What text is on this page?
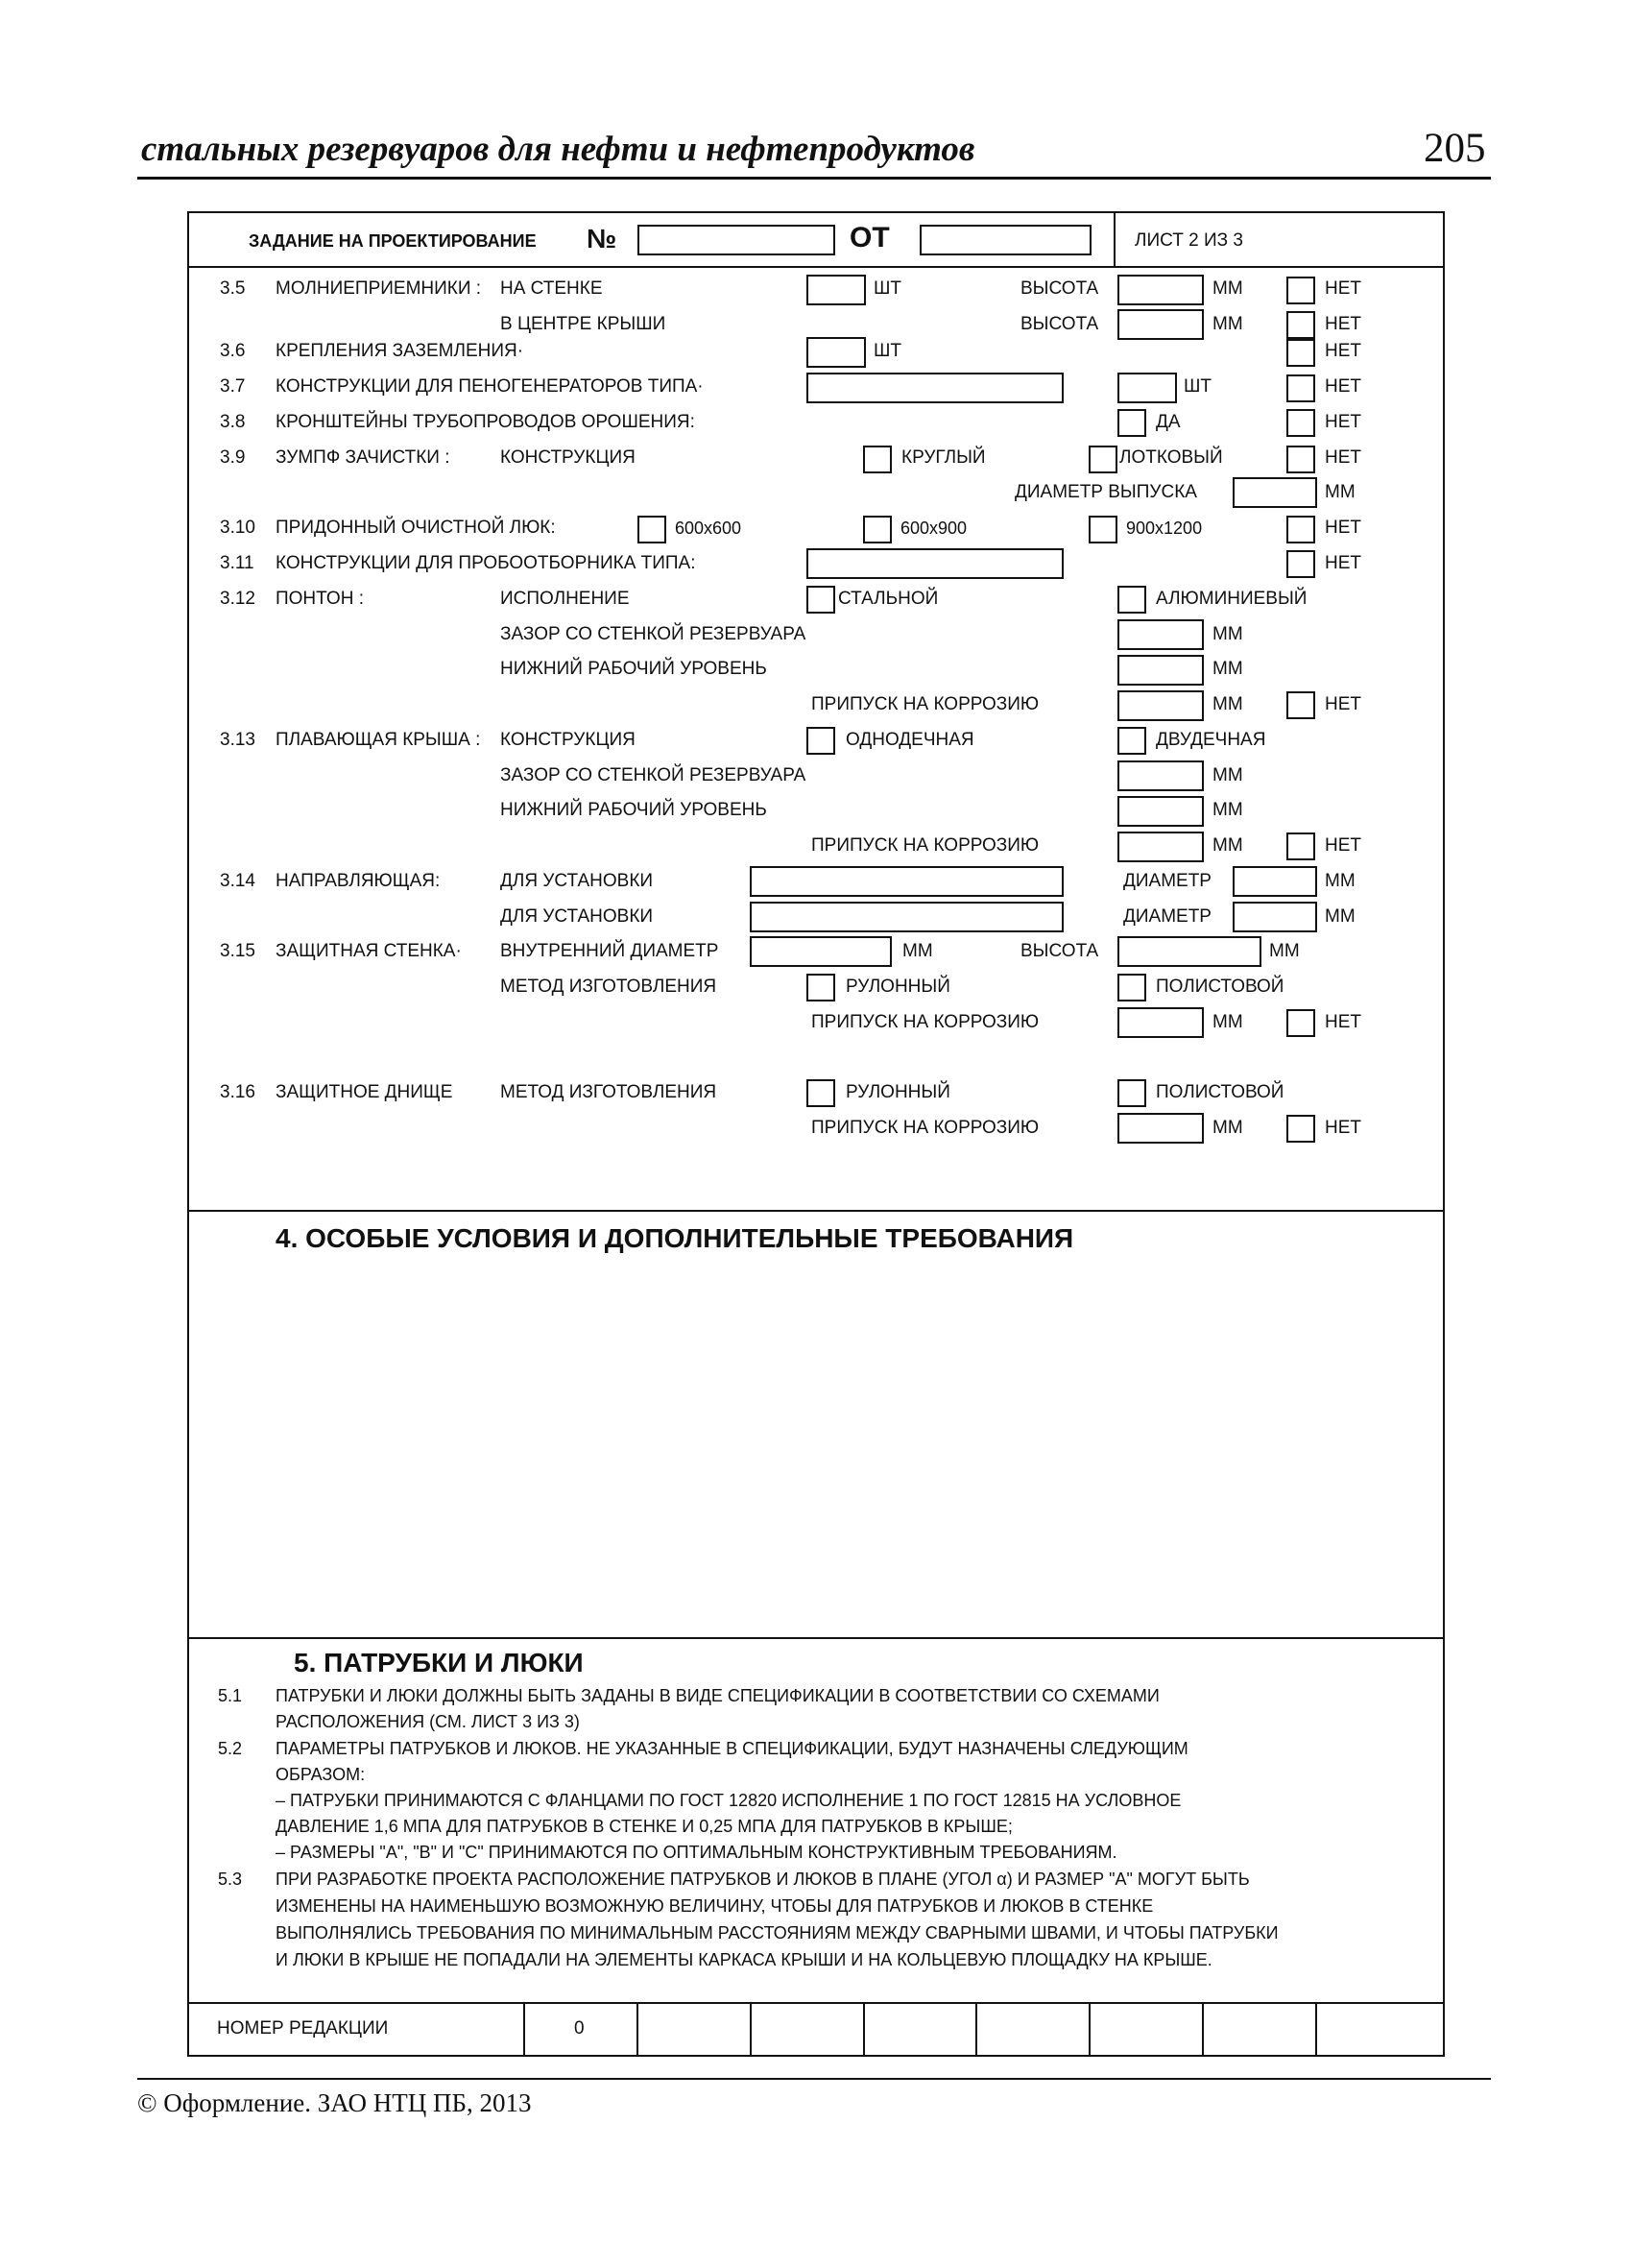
стальных резервуаров для нефти и нефтепродуктов	205
ЗАДАНИЕ НА ПРОЕКТИРОВАНИЕ №	ОТ	ЛИСТ 2 ИЗ 3
3.5 МОЛНИЕПРИЕМНИКИ : НА СТЕНКЕ	ШТ	ВЫСОТА	ММ	НЕТ
В ЦЕНТРЕ КРЫШИ	ВЫСОТА	ММ	НЕТ
3.6 КРЕПЛЕНИЯ ЗАЗЕМЛЕНИЯ·	ШТ	НЕТ
3.7 КОНСТРУКЦИИ ДЛЯ ПЕНОГЕНЕРАТОРОВ ТИПА·	ШТ	НЕТ
3.8 КРОНШТЕЙНЫ ТРУБОПРОВОДОВ ОРОШЕНИЯ:	ДА	НЕТ
3.9 ЗУМПФ ЗАЧИСТКИ :	КОНСТРУКЦИЯ	КРУГЛЫЙ	ЛОТКОВЫЙ	НЕТ
ДИАМЕТР ВЫПУСКА	ММ
3.10 ПРИДОННЫЙ ОЧИСТНОЙ ЛЮК:	600x600	600x900	900x1200	НЕТ
3.11 КОНСТРУКЦИИ ДЛЯ ПРОБООТБОРНИКА ТИПА:	НЕТ
3.12 ПОНТОН :	ИСПОЛНЕНИЕ	СТАЛЬНОЙ	АЛЮМИНИЕВЫЙ
ЗАЗОР СО СТЕНКОЙ РЕЗЕРВУАРА	ММ
НИЖНИЙ РАБОЧИЙ УРОВЕНЬ	ММ
ПРИПУСК НА КОРРОЗИЮ	ММ	НЕТ
3.13 ПЛАВАЮЩАЯ КРЫША : КОНСТРУКЦИЯ	ОДНОДЕЧНАЯ	ДВУДЕЧНАЯ
ЗАЗОР СО СТЕНКОЙ РЕЗЕРВУАРА	ММ
НИЖНИЙ РАБОЧИЙ УРОВЕНЬ	ММ
ПРИПУСК НА КОРРОЗИЮ	ММ	НЕТ
3.14 НАПРАВЛЯЮЩАЯ:	ДЛЯ УСТАНОВКИ	ДИАМЕТР	ММ
ДЛЯ УСТАНОВКИ	ДИАМЕТР	ММ
3.15 ЗАЩИТНАЯ СТЕНКА· ВНУТРЕННИЙ ДИАМЕТР	ММ	ВЫСОТА	ММ
МЕТОД ИЗГОТОВЛЕНИЯ	РУЛОННЫЙ	ПОЛИСТОВОЙ
ПРИПУСК НА КОРРОЗИЮ	ММ	НЕТ
3.16 ЗАЩИТНОЕ ДНИЩЕ	МЕТОД ИЗГОТОВЛЕНИЯ	РУЛОННЫЙ	ПОЛИСТОВОЙ
ПРИПУСК НА КОРРОЗИЮ	ММ	НЕТ
4. ОСОБЫЕ УСЛОВИЯ И ДОПОЛНИТЕЛЬНЫЕ ТРЕБОВАНИЯ
5. ПАТРУБКИ И ЛЮКИ
5.1 ПАТРУБКИ И ЛЮКИ ДОЛЖНЫ БЫТЬ ЗАДАНЫ В ВИДЕ СПЕЦИФИКАЦИИ В СООТВЕТСТВИИ СО СХЕМАМИ
РАСПОЛОЖЕНИЯ (СМ. ЛИСТ 3 ИЗ 3)
5.2 ПАРАМЕТРЫ ПАТРУБКОВ И ЛЮКОВ. НЕ УКАЗАННЫЕ В СПЕЦИФИКАЦИИ, БУДУТ НАЗНАЧЕНЫ СЛЕДУЮЩИМ
ОБРАЗОМ:
– ПАТРУБКИ ПРИНИМАЮТСЯ С ФЛАНЦАМИ ПО ГОСТ 12820 ИСПОЛНЕНИЕ 1 ПО ГОСТ 12815 НА УСЛОВНОЕ
ДАВЛЕНИЕ 1,6 МПА ДЛЯ ПАТРУБКОВ В СТЕНКЕ И 0,25 МПА ДЛЯ ПАТРУБКОВ В КРЫШЕ;
– РАЗМЕРЫ "А", "В" И "С" ПРИНИМАЮТСЯ ПО ОПТИМАЛЬНЫМ КОНСТРУКТИВНЫМ ТРЕБОВАНИЯМ.
5.3 ПРИ РАЗРАБОТКЕ ПРОЕКТА РАСПОЛОЖЕНИЕ ПАТРУБКОВ И ЛЮКОВ В ПЛАНЕ (УГОЛ α) И РАЗМЕР "А" МОГУТ БЫТЬ
ИЗМЕНЕНЫ НА НАИМЕНЬШУЮ ВОЗМОЖНУЮ ВЕЛИЧИНУ, ЧТОБЫ ДЛЯ ПАТРУБКОВ И ЛЮКОВ В СТЕНКЕ
ВЫПОЛНЯЛИСЬ ТРЕБОВАНИЯ ПО МИНИМАЛЬНЫМ РАССТОЯНИЯМ МЕЖДУ СВАРНЫМИ ШВАМИ, И ЧТОБЫ ПАТРУБКИ
И ЛЮКИ В КРЫШЕ НЕ ПОПАДАЛИ НА ЭЛЕМЕНТЫ КАРКАСА КРЫШИ И НА КОЛЬЦЕВУЮ ПЛОЩАДКУ НА КРЫШЕ.
НОМЕР РЕДАКЦИИ	0
© Оформление. ЗАО НТЦ ПБ, 2013
